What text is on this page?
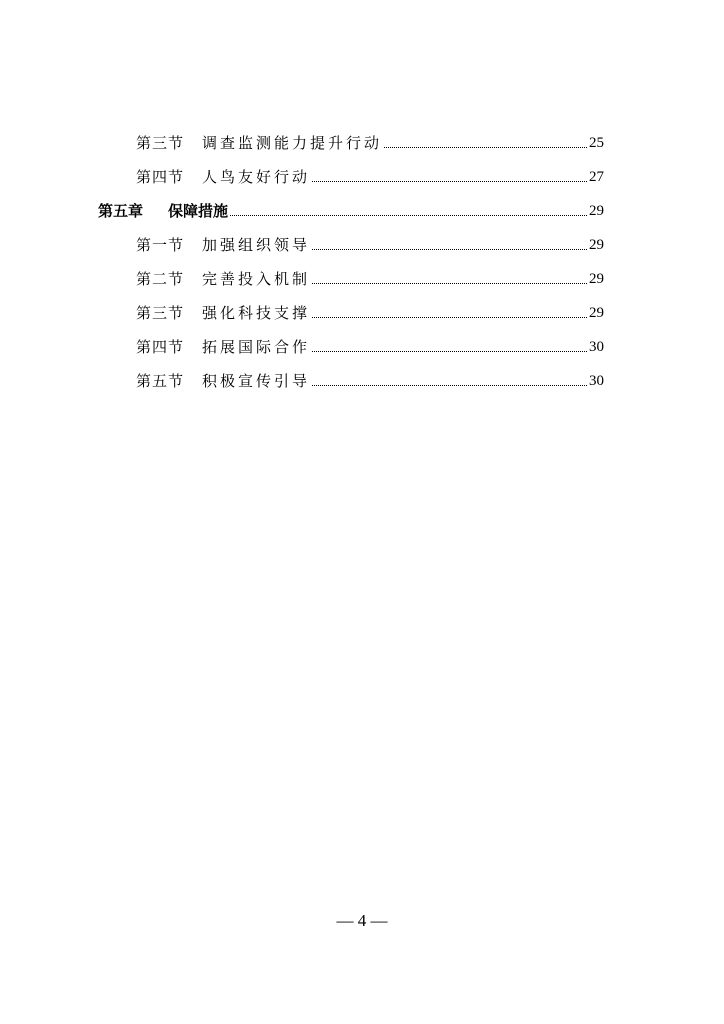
第三节	调查监测能力提升行动	25
第四节	人鸟友好行动	27
第五章	保障措施	29
第一节	加强组织领导	29
第二节	完善投入机制	29
第三节	强化科技支撑	29
第四节	拓展国际合作	30
第五节	积极宣传引导	30
— 4 —
